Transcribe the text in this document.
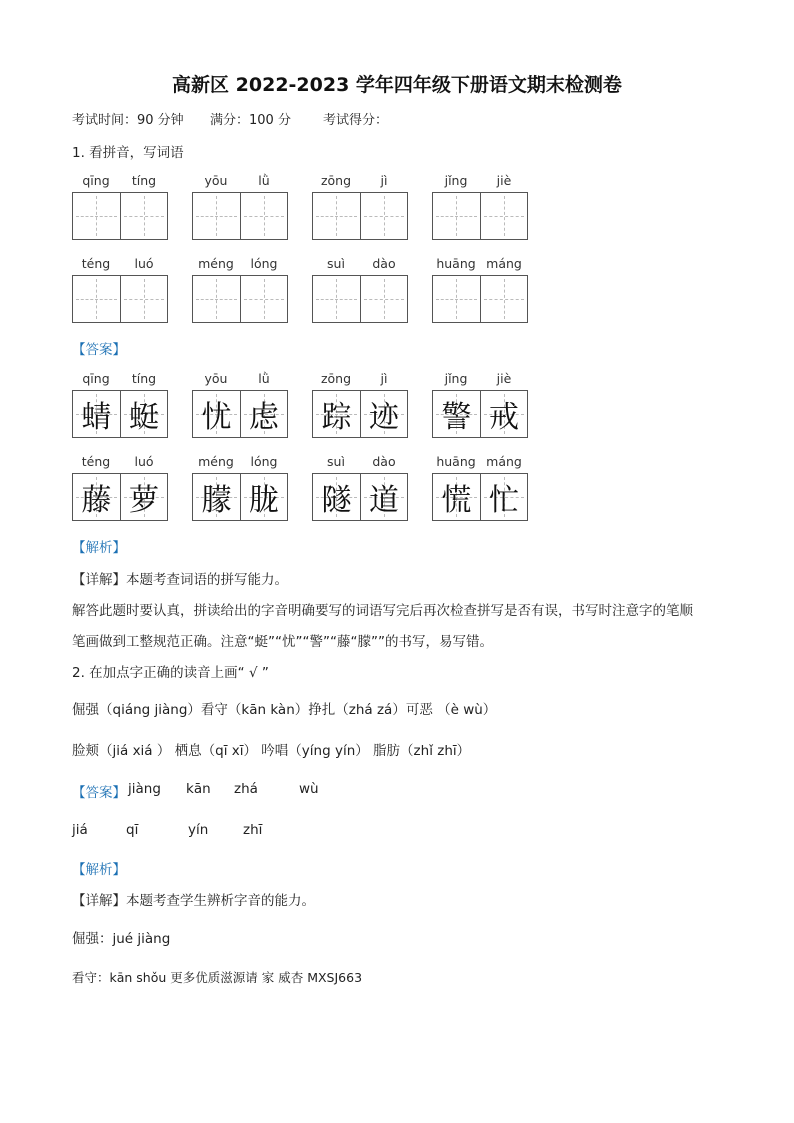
高新区 2022-2023 学年四年级下册语文期末检测卷
考试时间：90 分钟 满分：100 分 考试得分：
1. 看拼音，写词语
qīng	tíng	yōu	lǜ	zōng	jì	jǐng	jiè
téng	luó	méng	lóng	suì	dào	huāng máng
【答案】
qīng	tíng
蜻 蜓
yōu	lǜ
忧 虑
zōng	jì
踪 迹
jǐng	jiè
警 戒
téng	luó
藤 萝
méng	lóng
朦 胧
suì	dào
隧 道
huāng máng
慌 忙
【解析】
【详解】本题考查词语的拼写能力。
解答此题时要认真，拼读给出的字音明确要写的词语写完后再次检查拼写是否有误，书写时注意字的笔顺
笔画做到工整规范正确。注意“蜓”“忧”“警”“藤“朦””的书写，易写错。
2. 在加点字正确的读音上画“ √ ”
倔强（qiáng jiàng）看守（kān kàn）挣扎（zhá zá）可恶 （è wù）
脸颊（jiá xiá ） 栖息（qī xī） 吟唱（yíng yín） 脂肪（zhǐ zhī）
【答案】 jiàng kān zhá	wù
jiá	qī	yín	zhī
【解析】
【详解】本题考查学生辨析字音的能力。
倔强：jué jiàng
看守：kān shǒu 更多优质滋源请 家 威杏 MXSJ663
